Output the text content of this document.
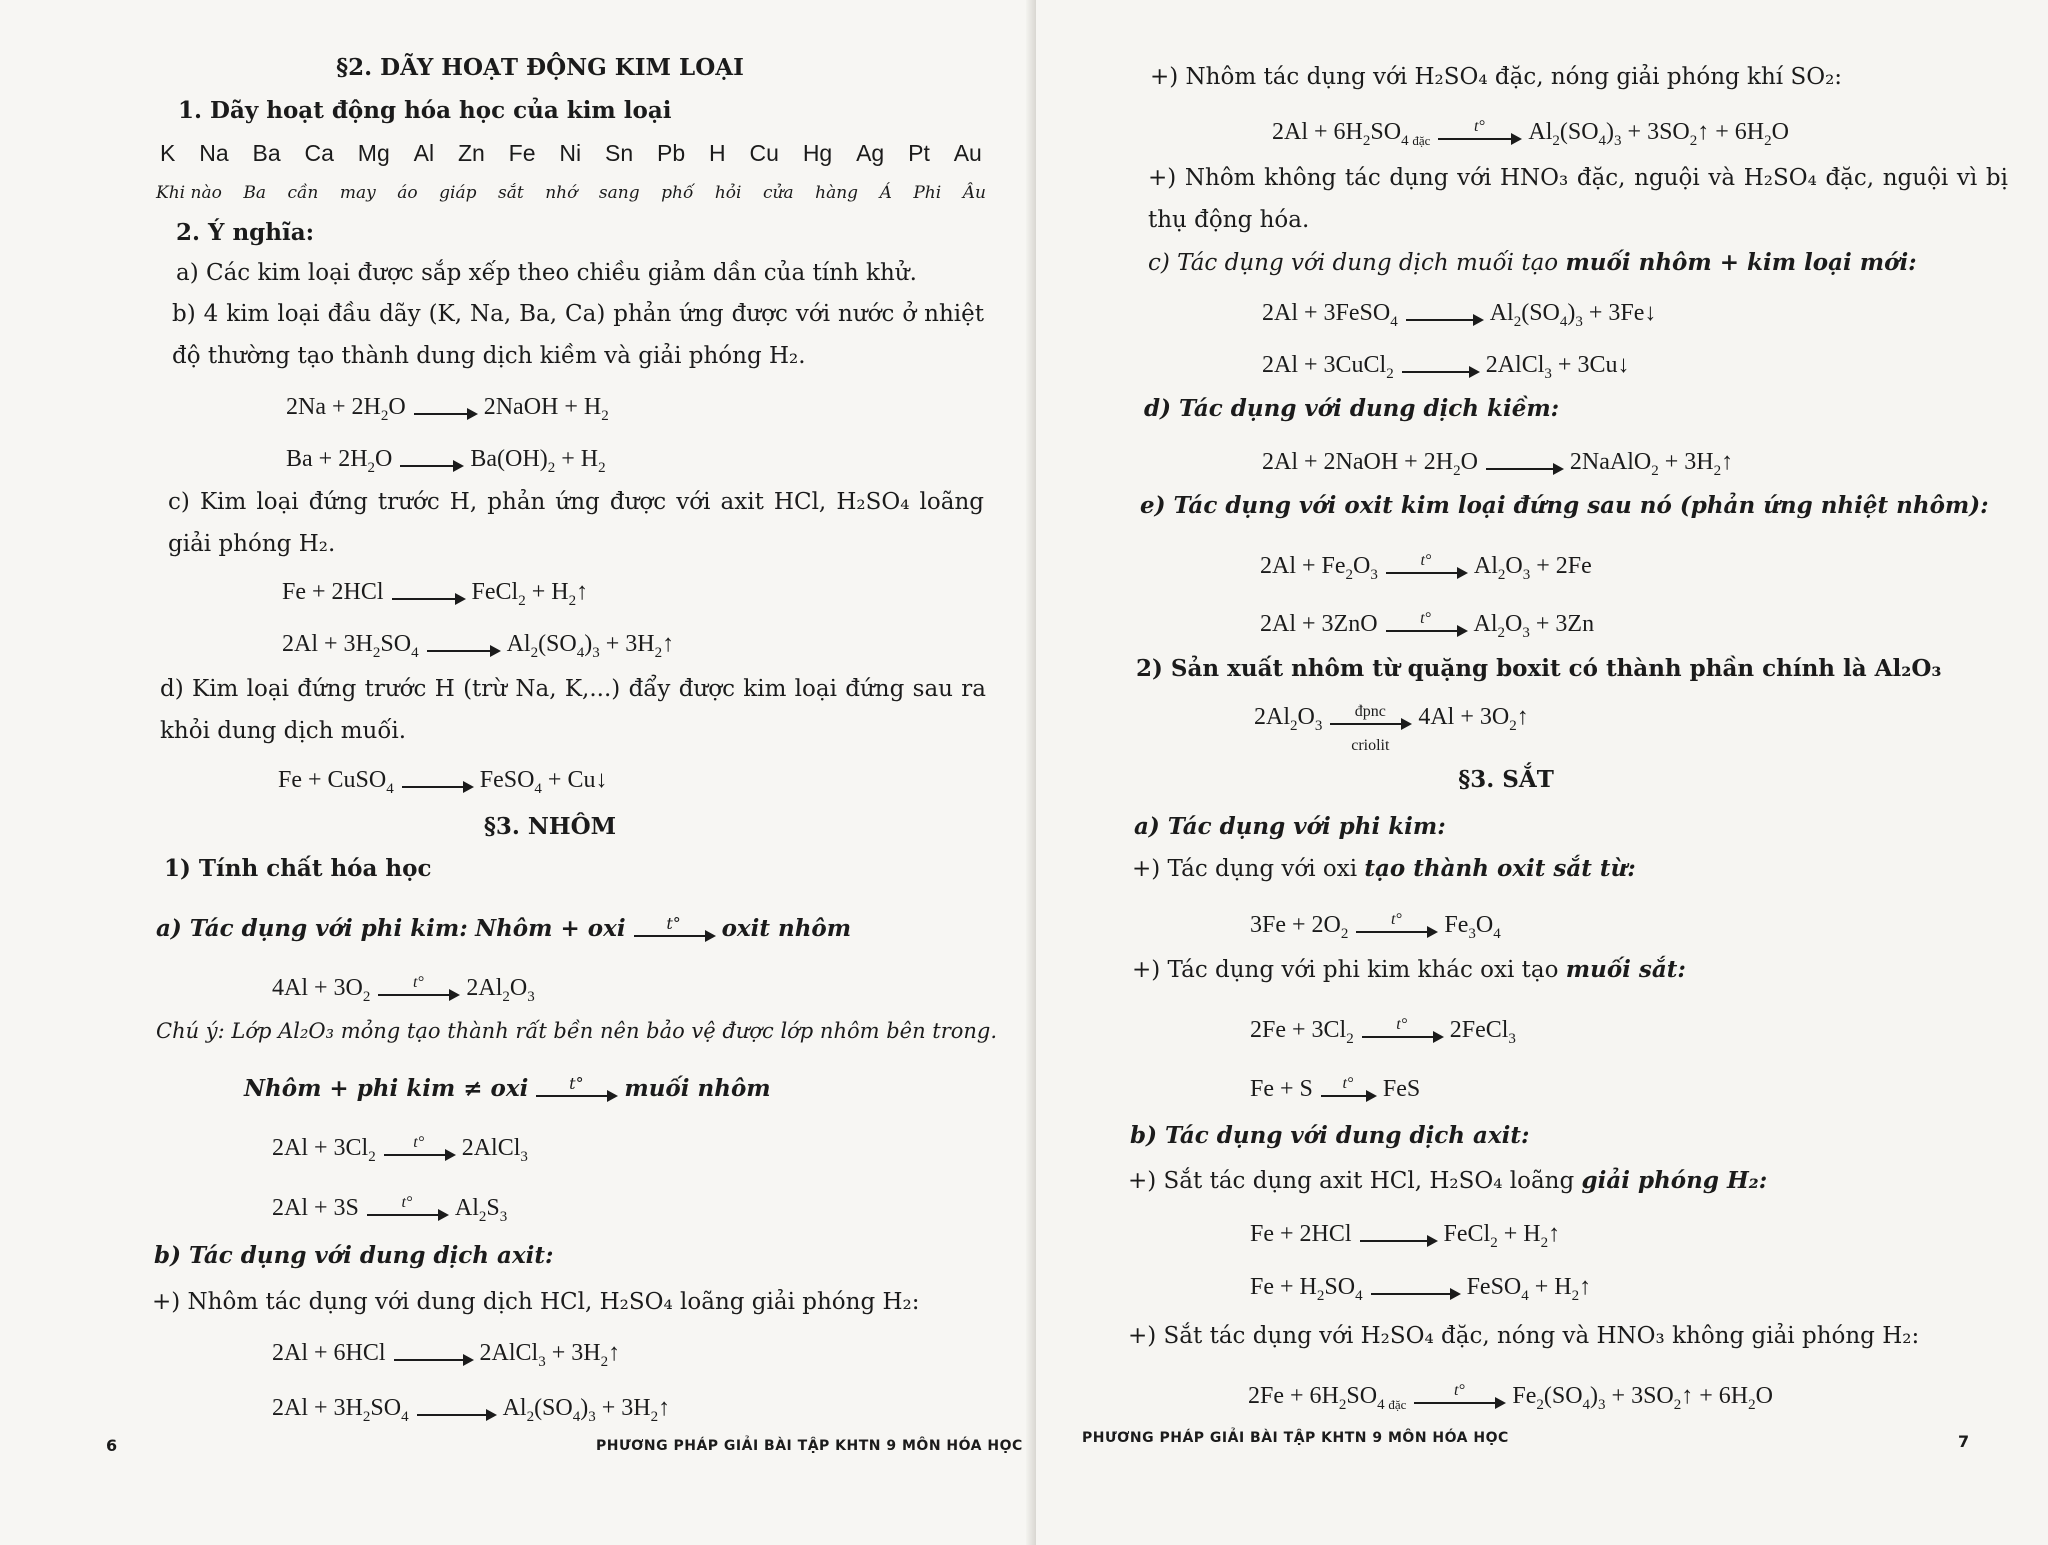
§2. DÃY HOẠT ĐỘNG KIM LOẠI
1. Dãy hoạt động hóa học của kim loại
K Na Ba Ca Mg Al Zn Fe Ni Sn Pb H Cu Hg Ag Pt Au
Khi nào Ba cần may áo giáp sắt nhớ sang phố hỏi cửa hàng Á Phi Âu
2. Ý nghĩa:
a) Các kim loại được sắp xếp theo chiều giảm dần của tính khử.
b) 4 kim loại đầu dãy (K, Na, Ba, Ca) phản ứng được với nước ở nhiệt độ thường tạo thành dung dịch kiềm và giải phóng H₂.
$2Na + 2H_2O$	2NaOH + $H_2$
$Ba + 2H_2O$	$Ba(OH)_2 + H_2$
c) Kim loại đứng trước H, phản ứng được với axit HCl, H₂SO₄ loãng giải phóng H₂.
Fe + 2HCl	FeCl$_2$ + $H_2↑$
$2Al + 3H_2SO_4$	$Al_2(SO_4)_3$ + $3H_2↑$
d) Kim loại đứng trước H (trừ Na, K,...) đẩy được kim loại đứng sau ra khỏi dung dịch muối.
Fe + CuSO$_4$	FeSO$_4$ + Cu↓
§3. NHÔM
1) Tính chất hóa học
a) Tác dụng với phi kim: Nhôm + oxi	t°	oxit nhôm
$4Al + 3O_2$
t°	$2Al_2O_3$
Chú ý: Lớp Al₂O₃ mỏng tạo thành rất bền nên bảo vệ được lớp nhôm bên trong.
Nhôm + phi kim ≠ oxi	t°	muối nhôm
$2Al + 3Cl_2$
t°	2AlCl$_3$
2Al + 3S	t°	$Al_2S_3$
b) Tác dụng với dung dịch axit:
+) Nhôm tác dụng với dung dịch HCl, H₂SO₄ loãng giải phóng H₂:
2Al + 6HCl	2AlCl$_3$ + $3H_2↑$
$2Al + 3H_2SO_4$	$Al_2(SO_4)_3$ + $3H_2↑$
6	PHƯƠNG PHÁP GIẢI BÀI TẬP KHTN 9 MÔN HÓA HỌC
+) Nhôm tác dụng với H₂SO₄ đặc, nóng giải phóng khí SO₂:
$2Al + 6H_2SO_{4 đặc}$
t°	$Al_2(SO_4)_3$ + $3SO_2↑ + 6H_2O$
+) Nhôm không tác dụng với HNO₃ đặc, nguội và H₂SO₄ đặc, nguội vì bị thụ động hóa.
c) Tác dụng với dung dịch muối tạo muối nhôm + kim loại mới:
2Al + 3FeSO$_4$	$Al_2(SO_4)_3$ + 3Fe↓
2Al + 3CuCl$_2$	2AlCl$_3$ + 3Cu↓
d) Tác dụng với dung dịch kiềm:
2Al + 2NaOH + $2H_2O$	2NaAlO$_2$ + $3H_2↑$
e) Tác dụng với oxit kim loại đứng sau nó (phản ứng nhiệt nhôm):
$2Al + Fe_2O_3$
t°	$Al_2O_3 + 2Fe$
2Al + 3ZnO	t°	$Al_2O_3 + 3Zn$
2) Sản xuất nhôm từ quặng boxit có thành phần chính là Al₂O₃
$2Al_2O_3$
đpnc
criolit
$4Al + 3O_2↑$
§3. SẮT
a) Tác dụng với phi kim:
+) Tác dụng với oxi tạo thành oxit sắt từ:
$3Fe + 2O_2$
t°	$Fe_3O_4$
+) Tác dụng với phi kim khác oxi tạo muối sắt:
$2Fe + 3Cl_2$
t°	2FeCl$_3$
Fe + S	t°	FeS
b) Tác dụng với dung dịch axit:
+) Sắt tác dụng axit HCl, H₂SO₄ loãng giải phóng H₂:
Fe + 2HCl	FeCl$_2$ + $H_2↑$
$Fe + H_2SO_4$	FeSO$_4$ + $H_2↑$
+) Sắt tác dụng với H₂SO₄ đặc, nóng và HNO₃ không giải phóng H₂:
$2Fe + 6H_2SO_{4 đặc}$
t°	$Fe_2(SO_4)_3$ + $3SO_2↑ + 6H_2O$
PHƯƠNG PHÁP GIẢI BÀI TẬP KHTN 9 MÔN HÓA HỌC	7
